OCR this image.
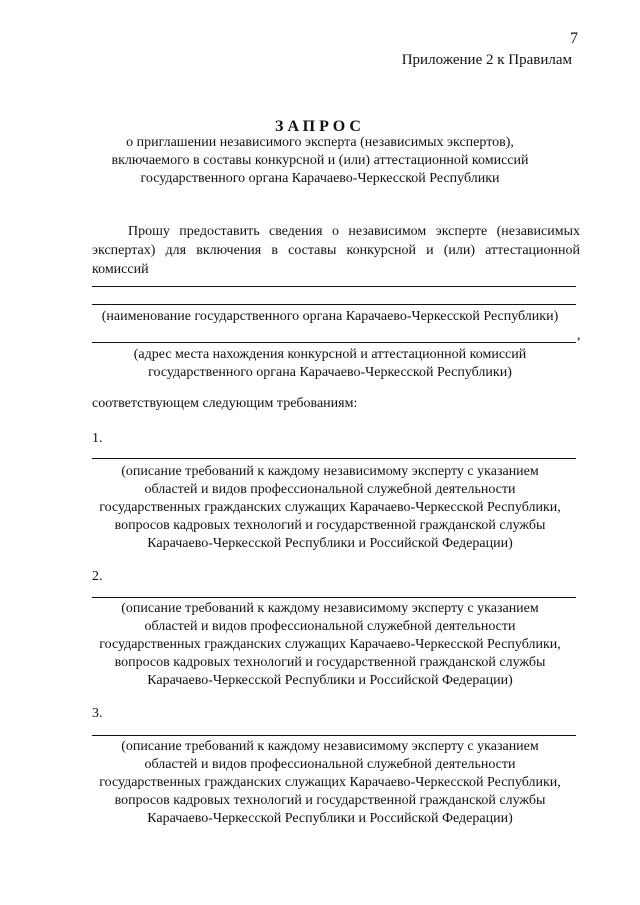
7
Приложение 2 к Правилам
ЗАПРОС
о приглашении независимого эксперта (независимых экспертов),
включаемого в составы конкурсной и (или) аттестационной комиссий
государственного органа Карачаево-Черкесской Республики
Прошу предоставить сведения о независимом эксперте (независимых экспертах) для включения в составы конкурсной и (или) аттестационной комиссий
(наименование государственного органа Карачаево-Черкесской Республики)
,
(адрес места нахождения конкурсной и аттестационной комиссий
государственного органа Карачаево-Черкесской Республики)
соответствующем следующим требованиям:
1.
(описание требований к каждому независимому эксперту с указанием
областей и видов профессиональной служебной деятельности
государственных гражданских служащих Карачаево-Черкесской Республики,
вопросов кадровых технологий и государственной гражданской службы
Карачаево-Черкесской Республики и Российской Федерации)
2.
(описание требований к каждому независимому эксперту с указанием
областей и видов профессиональной служебной деятельности
государственных гражданских служащих Карачаево-Черкесской Республики,
вопросов кадровых технологий и государственной гражданской службы
Карачаево-Черкесской Республики и Российской Федерации)
3.
(описание требований к каждому независимому эксперту с указанием
областей и видов профессиональной служебной деятельности
государственных гражданских служащих Карачаево-Черкесской Республики,
вопросов кадровых технологий и государственной гражданской службы
Карачаево-Черкесской Республики и Российской Федерации)
